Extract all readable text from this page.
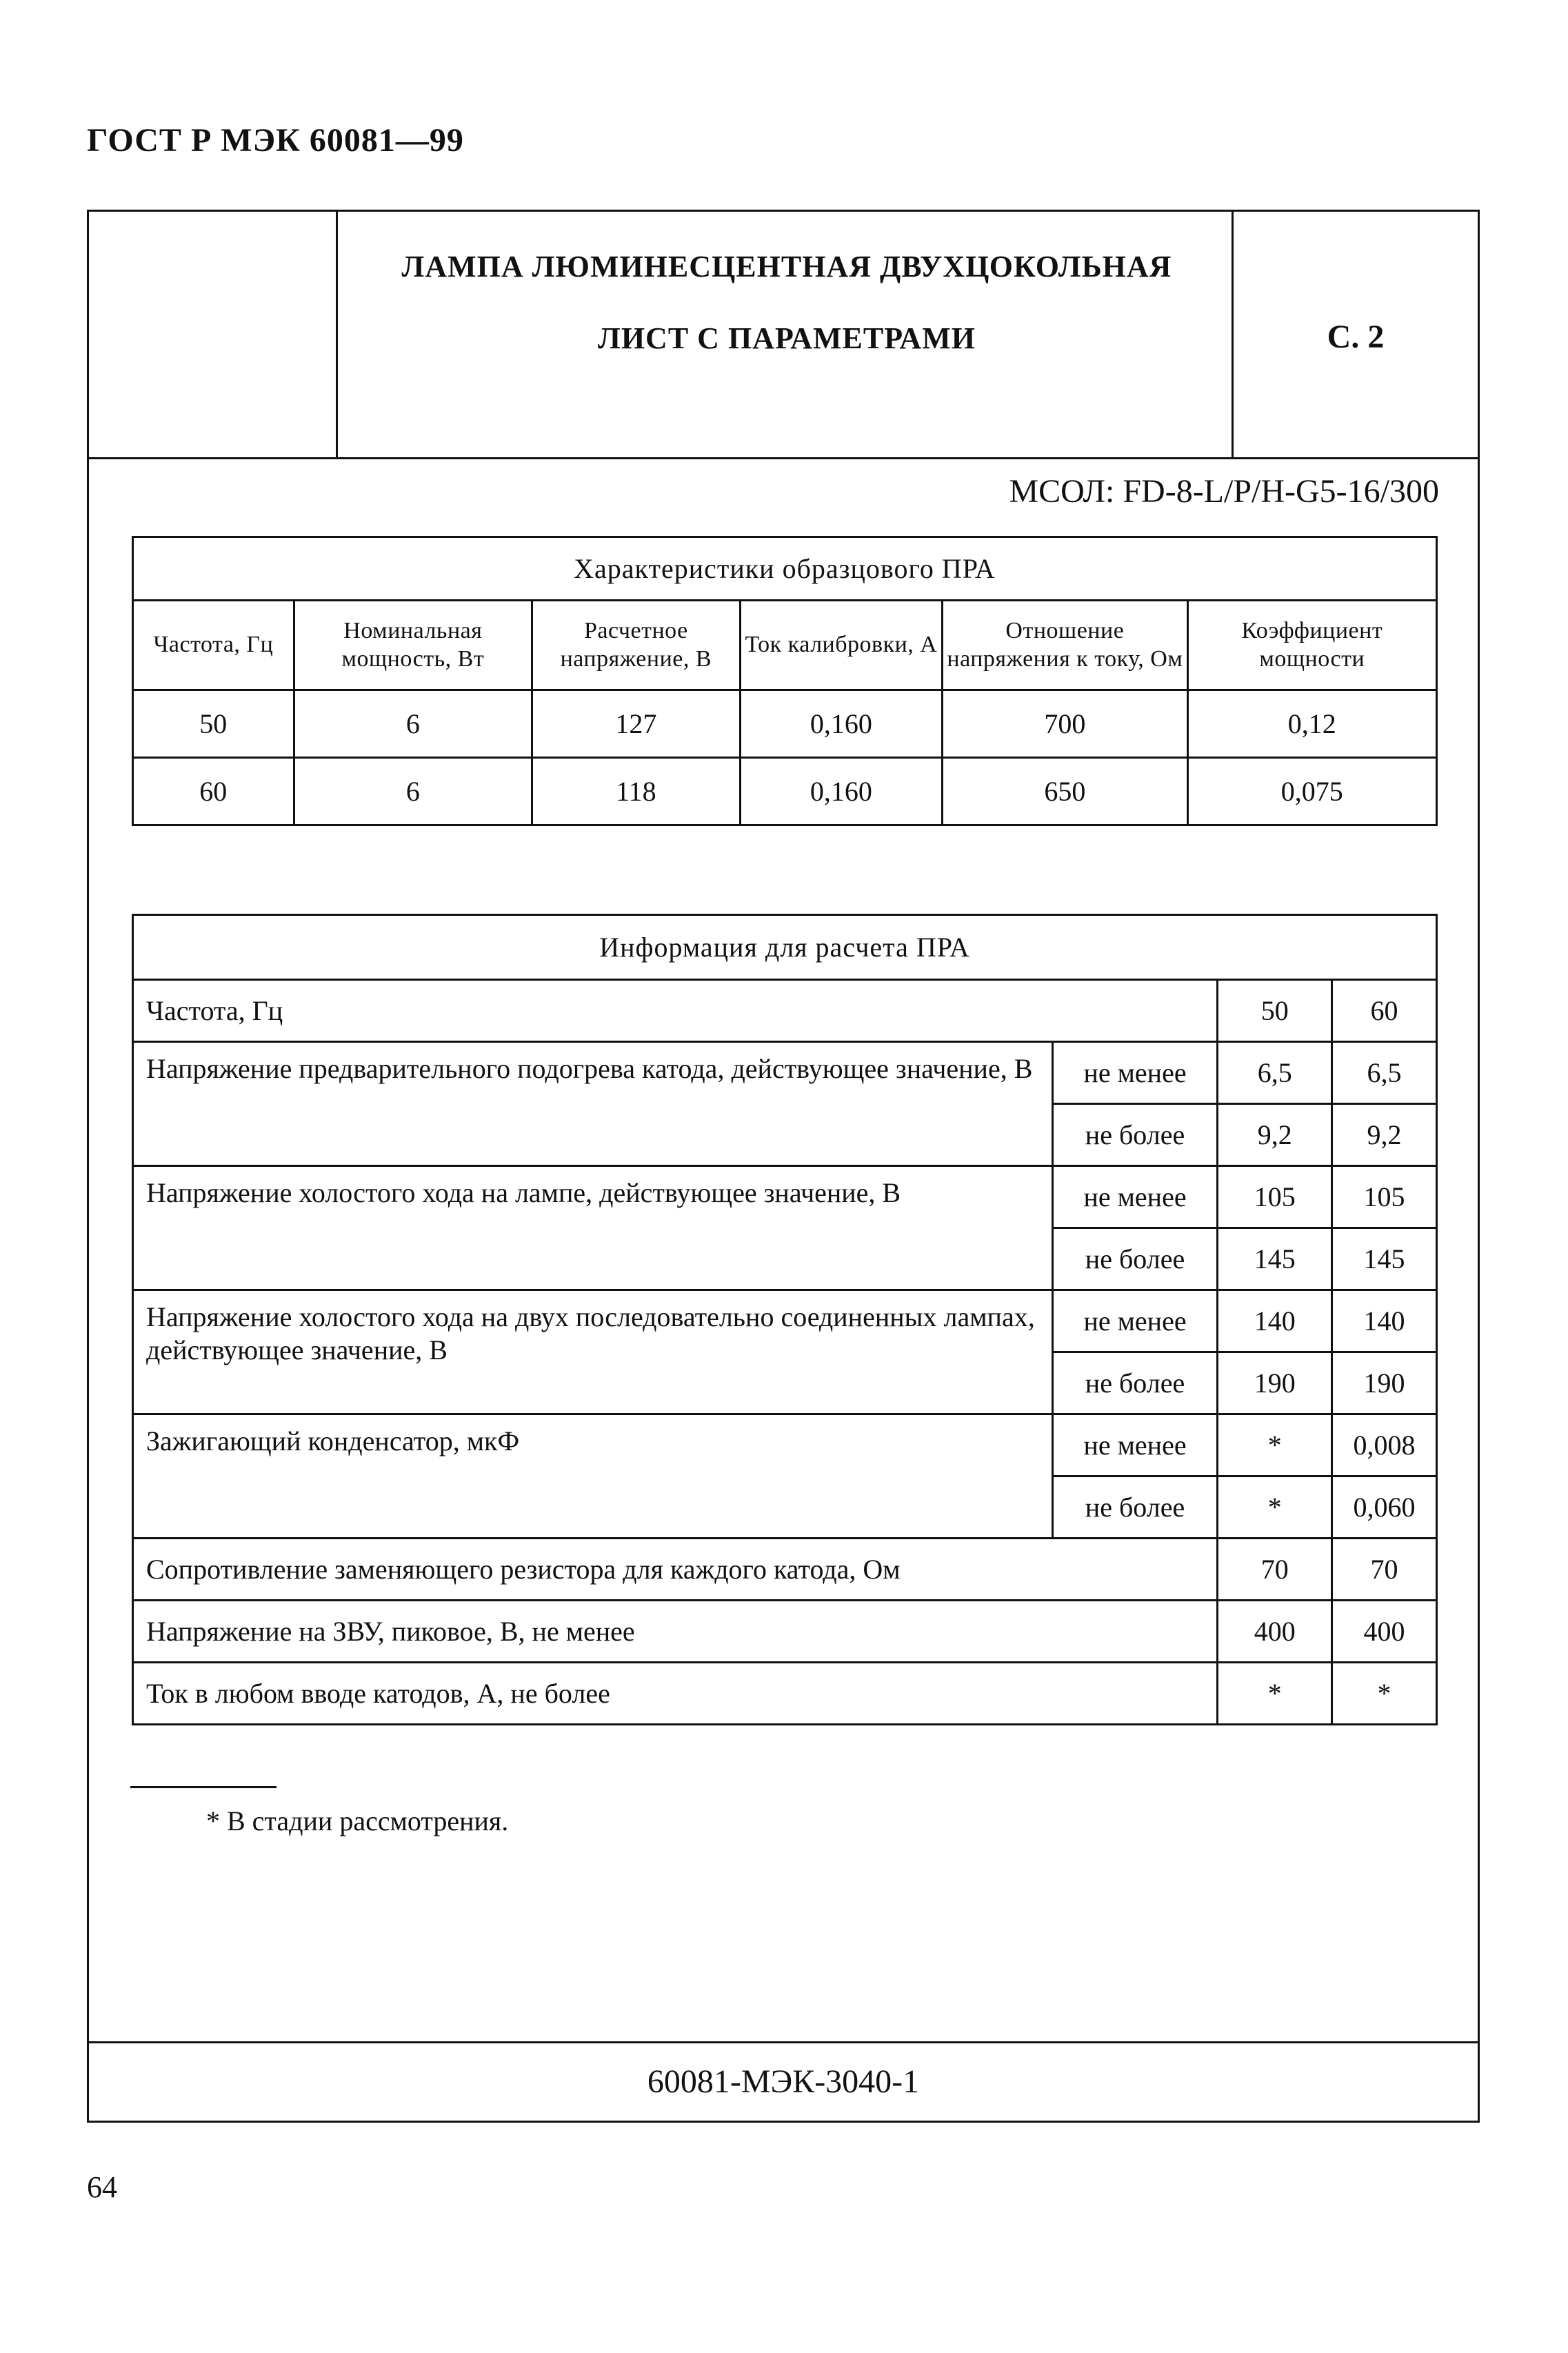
ГОСТ Р МЭК 60081—99
ЛАМПА ЛЮМИНЕСЦЕНТНАЯ ДВУХЦОКОЛЬНАЯ
ЛИСТ С ПАРАМЕТРАМИ	С. 2
МСОЛ: FD-8-L/P/H-G5-16/300
Характеристики образцового ПРА					
Частота, Гц	Номинальная мощность, Вт	Расчетное напряжение, В	Ток калибровки, А	Отношение напряжения к току, Ом	Коэффициент мощности
50	6	127	0,160	700	0,12
60	6	118	0,160	650	0,075
Информация для расчета ПРА			
Частота, Гц		50	60
Напряжение предварительного подогрева катода, действующее значение, В	не менее	6,5	6,5
	не более	9,2	9,2
Напряжение холостого хода на лампе, действующее значение, В	не менее	105	105
	не более	145	145
Напряжение холостого хода на двух последовательно соединенных лампах, действующее значение, В	не менее	140	140
	не более	190	190
Зажигающий конденсатор, мкФ	не менее	*	0,008
	не более	*	0,060
Сопротивление заменяющего резистора для каждого катода, Ом		70	70
Напряжение на ЗВУ, пиковое, В, не менее		400	400
Ток в любом вводе катодов, А, не более		*	*
* В стадии рассмотрения.
60081-МЭК-3040-1
64
